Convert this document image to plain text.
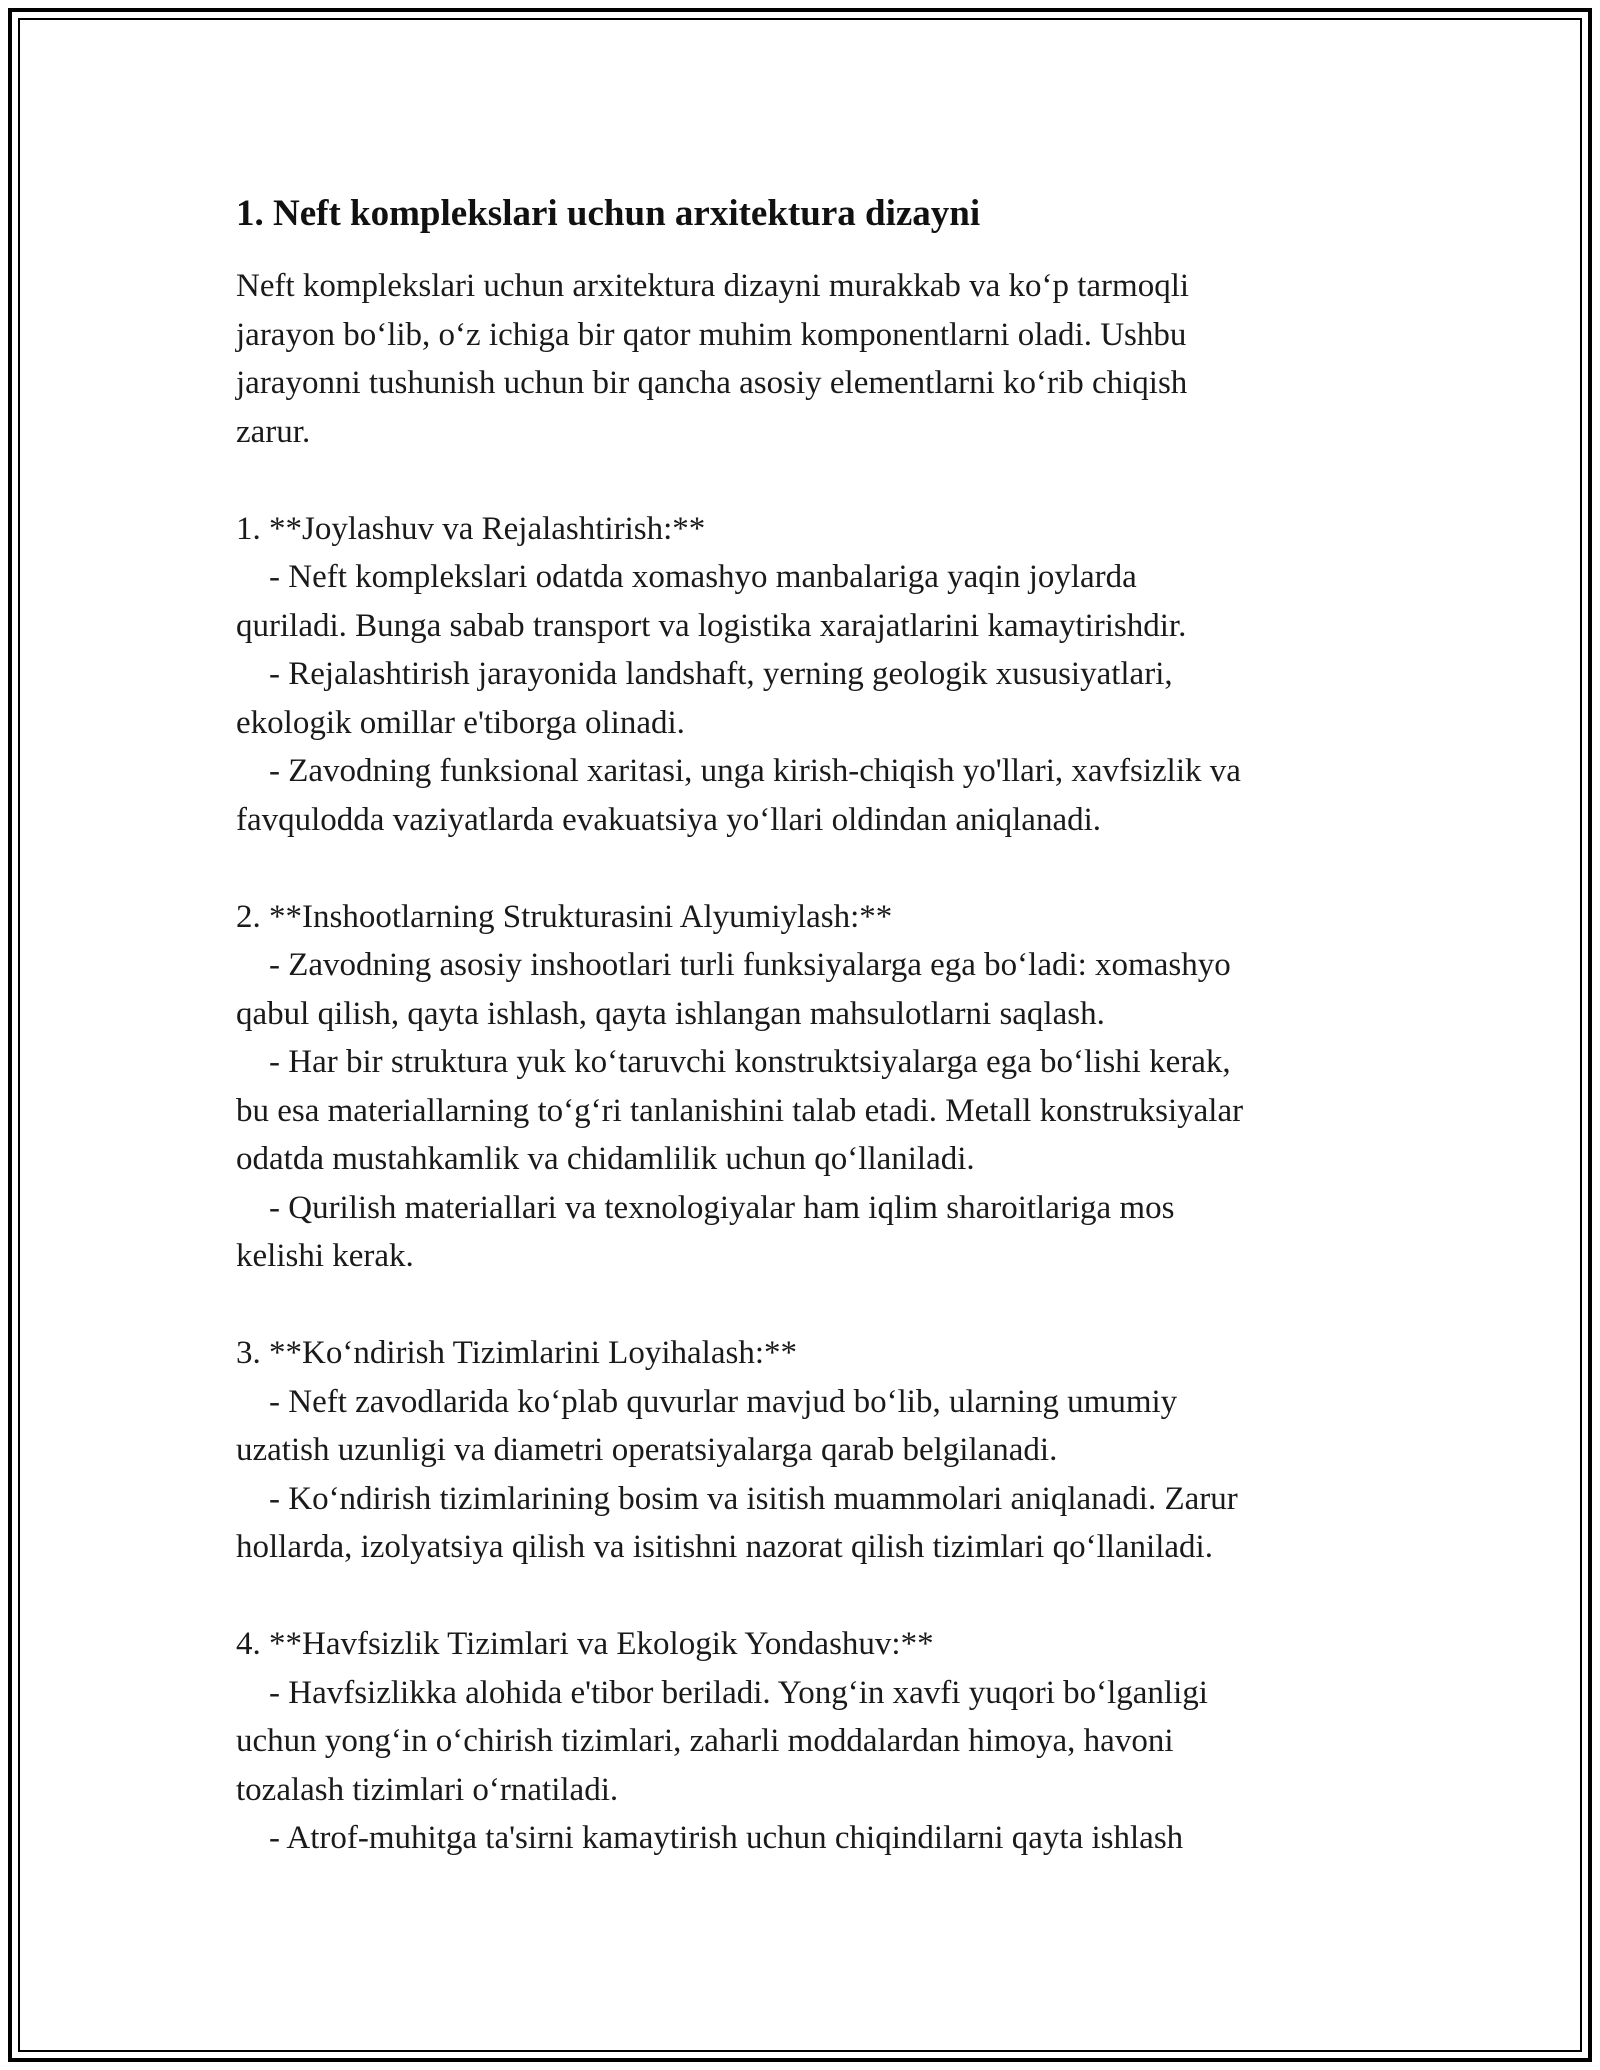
1. Neft komplekslari uchun arxitektura dizayni

Neft komplekslari uchun arxitektura dizayni murakkab va ko‘p tarmoqli
jarayon bo‘lib, o‘z ichiga bir qator muhim komponentlarni oladi. Ushbu
jarayonni tushunish uchun bir qancha asosiy elementlarni ko‘rib chiqish
zarur.

1. **Joylashuv va Rejalashtirish:**

- Neft komplekslari odatda xomashyo manbalariga yaqin joylarda
quriladi. Bunga sabab transport va logistika xarajatlarini kamaytirishdir.
- Rejalashtirish jarayonida landshaft, yerning geologik xususiyatlari,
ekologik omillar e'tiborga olinadi.
- Zavodning funksional xaritasi, unga kirish-chiqish yo'llari, xavfsizlik va
favqulodda vaziyatlarda evakuatsiya yo‘llari oldindan aniqlanadi.

2. **Inshootlarning Strukturasini Alyumiylash:**

- Zavodning asosiy inshootlari turli funksiyalarga ega bo‘ladi: xomashyo
qabul qilish, qayta ishlash, qayta ishlangan mahsulotlarni saqlash.
- Har bir struktura yuk ko‘taruvchi konstruktsiyalarga ega bo‘lishi kerak,
bu esa materiallarning to‘g‘ri tanlanishini talab etadi. Metall konstruksiyalar
odatda mustahkamlik va chidamlilik uchun qo‘llaniladi.
- Qurilish materiallari va texnologiyalar ham iqlim sharoitlariga mos
kelishi kerak.

3. **Ko‘ndirish Tizimlarini Loyihalash:**

- Neft zavodlarida ko‘plab quvurlar mavjud bo‘lib, ularning umumiy
uzatish uzunligi va diametri operatsiyalarga qarab belgilanadi.
- Ko‘ndirish tizimlarining bosim va isitish muammolari aniqlanadi. Zarur
hollarda, izolyatsiya qilish va isitishni nazorat qilish tizimlari qo‘llaniladi.

4. **Havfsizlik Tizimlari va Ekologik Yondashuv:**

- Havfsizlikka alohida e'tibor beriladi. Yong‘in xavfi yuqori bo‘lganligi
uchun yong‘in o‘chirish tizimlari, zaharli moddalardan himoya, havoni
tozalash tizimlari o‘rnatiladi.
- Atrof-muhitga ta'sirni kamaytirish uchun chiqindilarni qayta ishlash
